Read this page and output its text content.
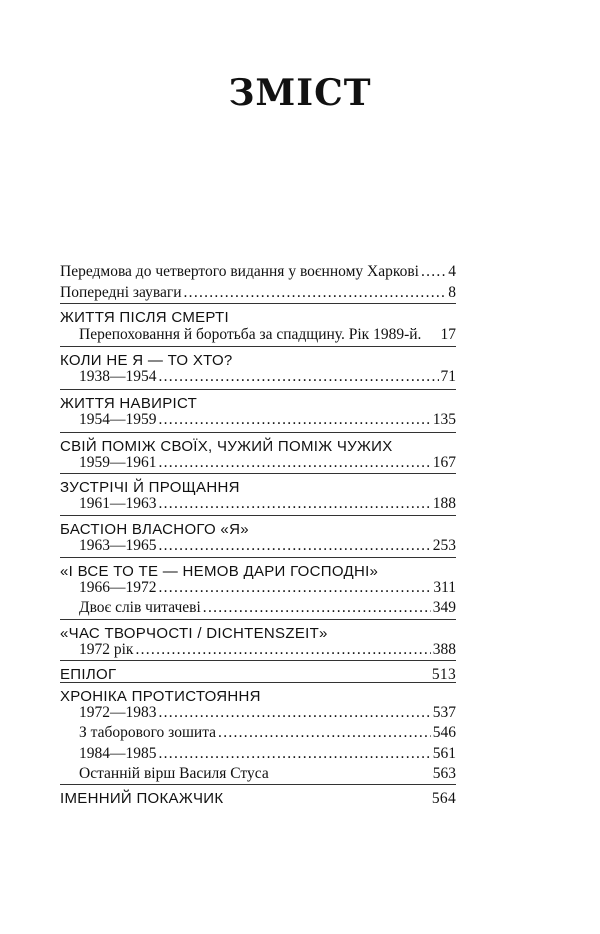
ЗМІСТ
Передмова до четвертого видання у воєнному Харкові . . . 4
Попередні зауваги . . .	8
ЖИТТЯ ПІСЛЯ СМЕРТІ
Перепоховання й боротьба за спадщину. Рік 1989-й. 17
КОЛИ НЕ Я — ТО ХТО?
1938—1954 . . .	71
ЖИТТЯ НАВИРІСТ
1954—1959 . . .	135
СВІЙ ПОМІЖ СВОЇХ, ЧУЖИЙ ПОМІЖ ЧУЖИХ
1959—1961 . . .	167
ЗУСТРІЧІ Й ПРОЩАННЯ
1961—1963 . . .	188
БАСТІОН ВЛАСНОГО «Я»
1963—1965 . . .	253
«І ВСЕ ТО ТЕ — НЕМОВ ДАРИ ГОСПОДНІ»
1966—1972 . . .	311
Двоє слів читачеві . . .	349
«ЧАС ТВОРЧОСТІ / DICHTENSZEIT»
1972 рік . . .	388
ЕПІЛОГ	513
ХРОНІКА ПРОТИСТОЯННЯ
1972—1983 . . .	537
З таборового зошита . . .	546
1984—1985 . . .	561
Останній вірш Василя Стуса	563
ІМЕННИЙ ПОКАЖЧИК	564
